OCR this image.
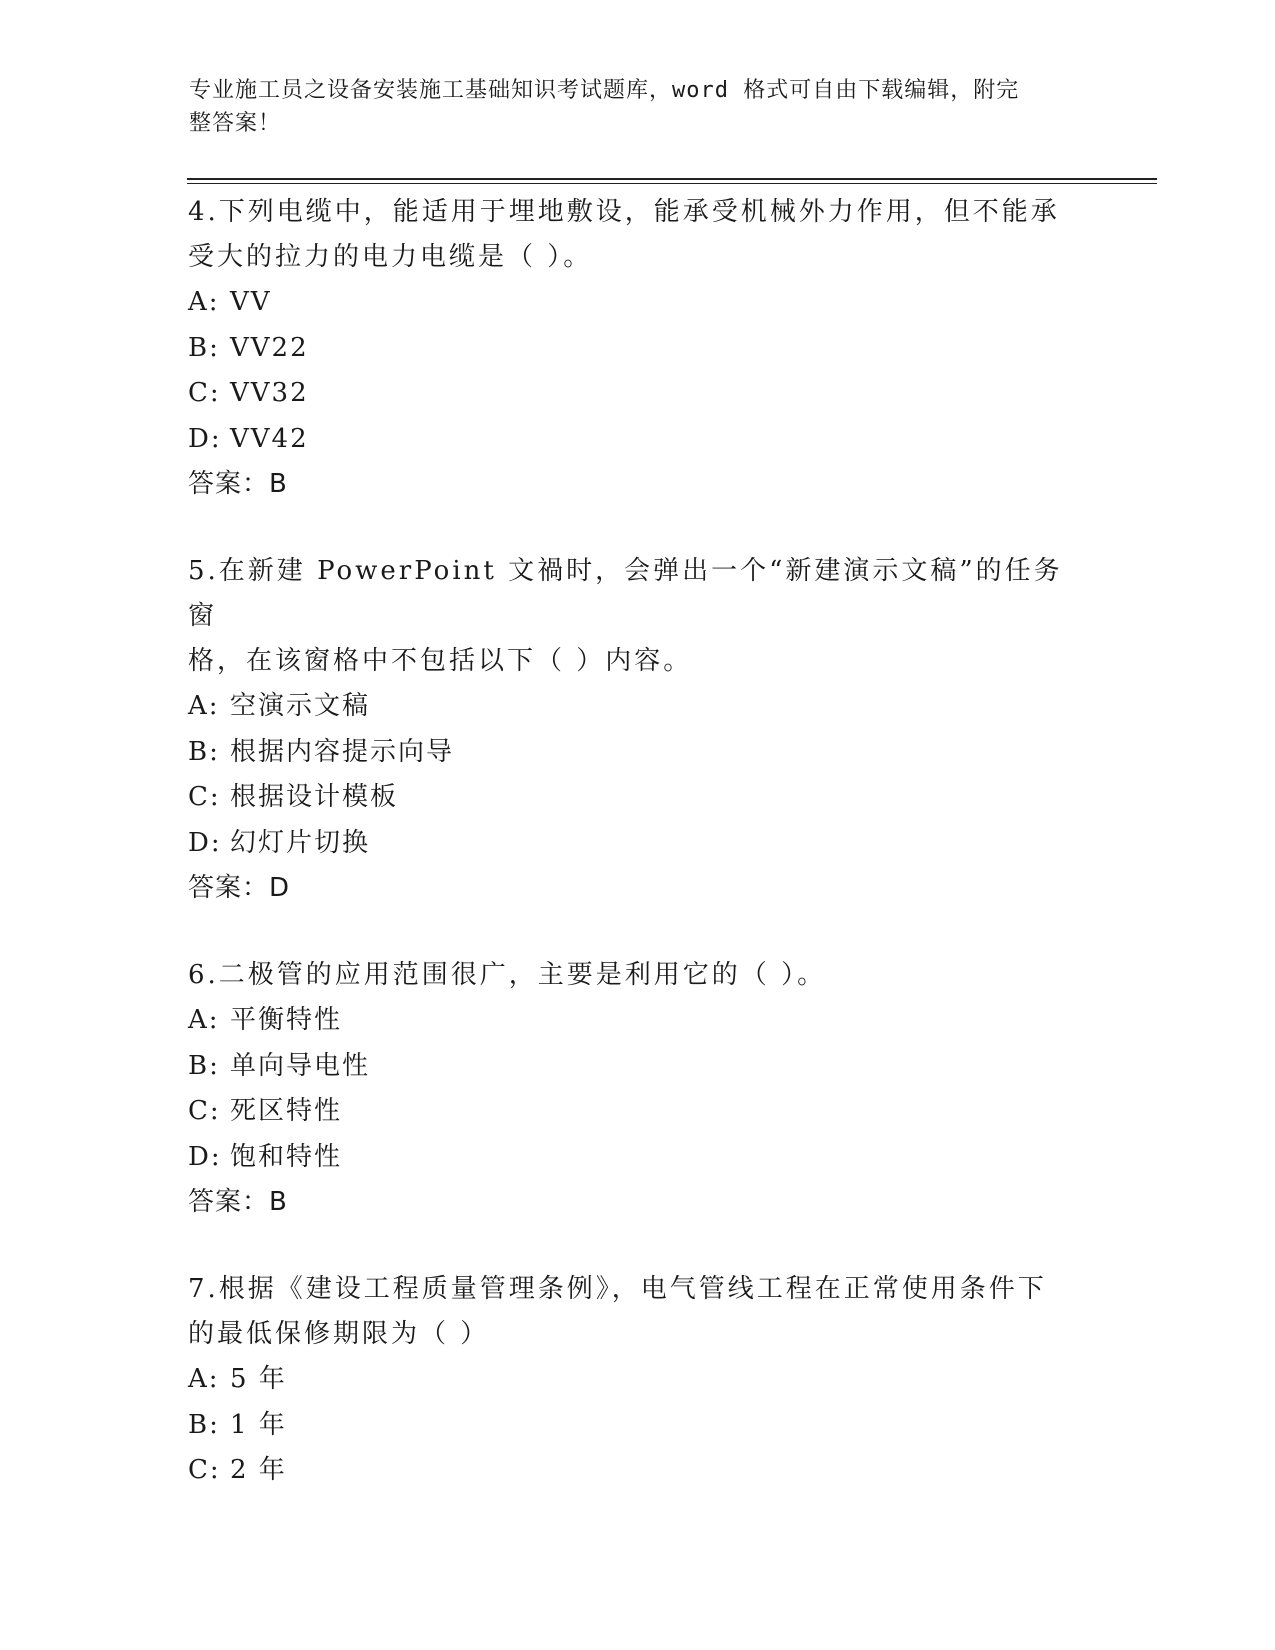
专业施工员之设备安装施工基础知识考试题库，word 格式可自由下载编辑，附完
整答案！

4.下列电缆中，能适用于埋地敷设，能承受机械外力作用，但不能承

受大的拉力的电力电缆是（ ）。

A: VV

B: VV22

C: VV32

D: VV42

答案：B

5.在新建 PowerPoint 文禍时，会弹出一个“新建演示文稿”的任务窗

格，在该窗格中不包括以下（ ）内容。

A: 空演示文稿

B: 根据内容提示向导

C: 根据设计模板

D: 幻灯片切换

答案：D

6.二极管的应用范围很广，主要是利用它的（ ）。

A: 平衡特性

B: 单向导电性

C: 死区特性

D: 饱和特性

答案：B

7.根据《建设工程质量管理条例》，电气管线工程在正常使用条件下

的最低保修期限为（ ）

A: 5 年

B: 1 年

C: 2 年
